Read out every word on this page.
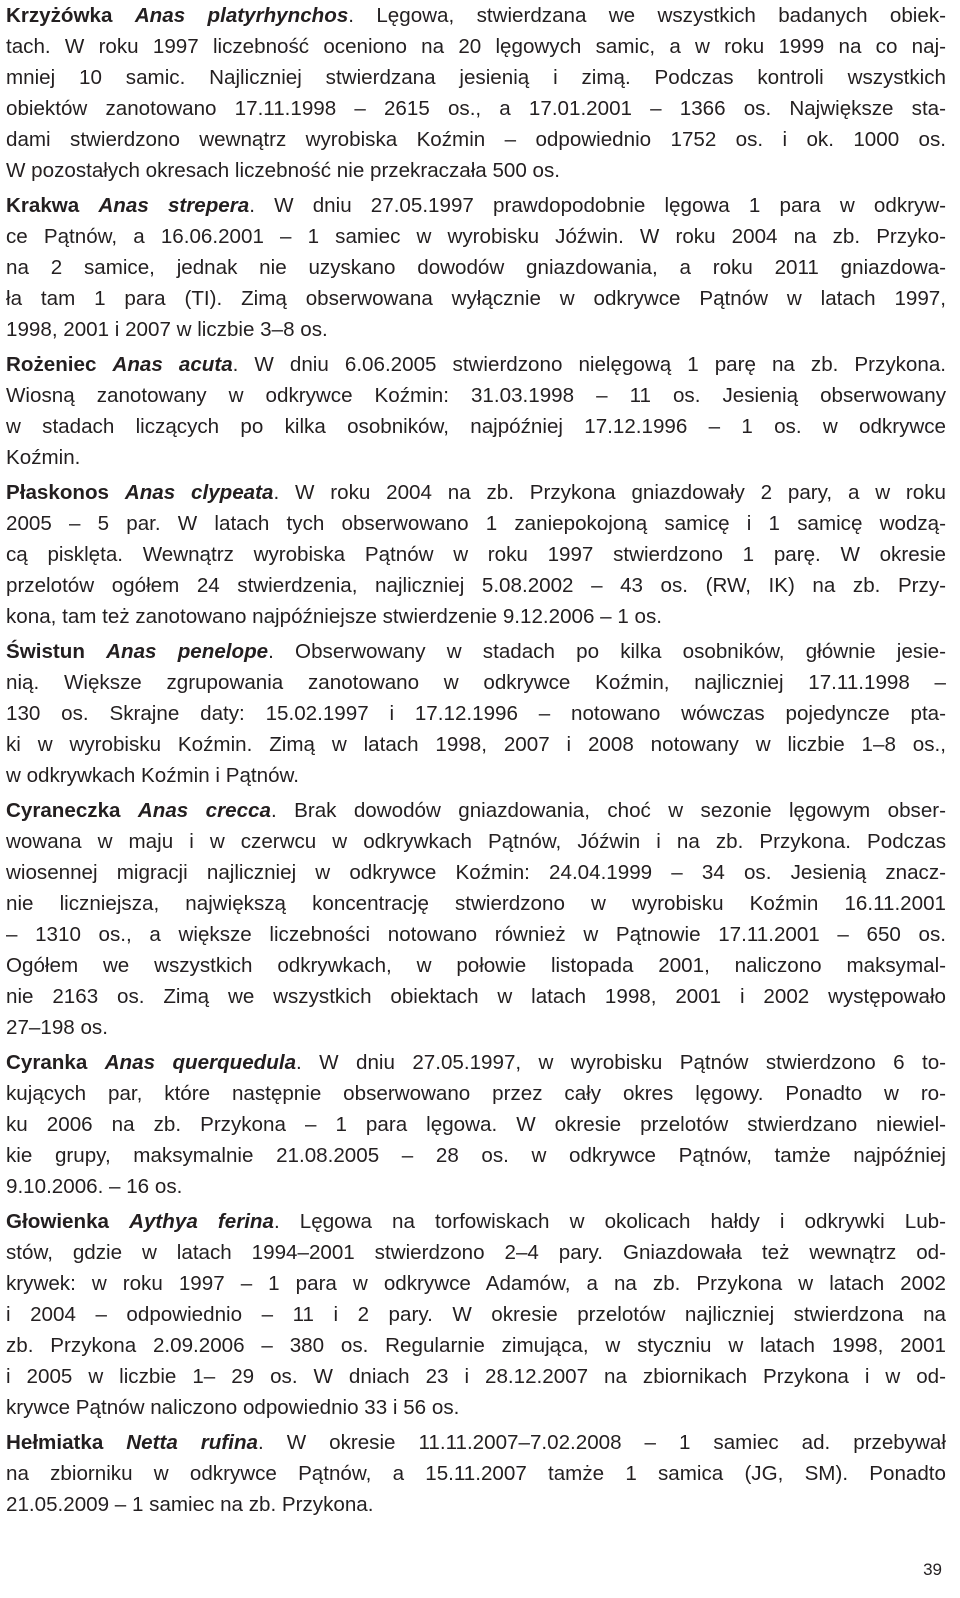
Krzyżówka Anas platyrhynchos. Lęgowa, stwierdzana we wszystkich badanych obiek-
tach. W roku 1997 liczebność oceniono na 20 lęgowych samic, a w roku 1999 na co naj-
mniej 10 samic. Najliczniej stwierdzana jesienią i zimą. Podczas kontroli wszystkich
obiektów zanotowano 17.11.1998 – 2615 os., a 17.01.2001 – 1366 os. Największe sta-
dami stwierdzono wewnątrz wyrobiska Koźmin – odpowiednio 1752 os. i ok. 1000 os.
W pozostałych okresach liczebność nie przekraczała 500 os.
Krakwa Anas strepera. W dniu 27.05.1997 prawdopodobnie lęgowa 1 para w odkryw-
ce Pątnów, a 16.06.2001 – 1 samiec w wyrobisku Jóźwin. W roku 2004 na zb. Przyko-
na 2 samice, jednak nie uzyskano dowodów gniazdowania, a roku 2011 gniazdowa-
ła tam 1 para (TI). Zimą obserwowana wyłącznie w odkrywce Pątnów w latach 1997,
1998, 2001 i 2007 w liczbie 3–8 os.
Rożeniec Anas acuta. W dniu 6.06.2005 stwierdzono nielęgową 1 parę na zb. Przykona.
Wiosną zanotowany w odkrywce Koźmin: 31.03.1998 – 11 os. Jesienią obserwowany
w stadach liczących po kilka osobników, najpóźniej 17.12.1996 – 1 os. w odkrywce
Koźmin.
Płaskonos Anas clypeata. W roku 2004 na zb. Przykona gniazdowały 2 pary, a w roku
2005 – 5 par. W latach tych obserwowano 1 zaniepokojoną samicę i 1 samicę wodzą-
cą pisklęta. Wewnątrz wyrobiska Pątnów w roku 1997 stwierdzono 1 parę. W okresie
przelotów ogółem 24 stwierdzenia, najliczniej 5.08.2002 – 43 os. (RW, IK) na zb. Przy-
kona, tam też zanotowano najpóźniejsze stwierdzenie 9.12.2006 – 1 os.
Świstun Anas penelope. Obserwowany w stadach po kilka osobników, głównie jesie-
nią. Większe zgrupowania zanotowano w odkrywce Koźmin, najliczniej 17.11.1998 –
130 os. Skrajne daty: 15.02.1997 i 17.12.1996 – notowano wówczas pojedyncze pta-
ki w wyrobisku Koźmin. Zimą w latach 1998, 2007 i 2008 notowany w liczbie 1–8 os.,
w odkrywkach Koźmin i Pątnów.
Cyraneczka Anas crecca. Brak dowodów gniazdowania, choć w sezonie lęgowym obser-
wowana w maju i w czerwcu w odkrywkach Pątnów, Jóźwin i na zb. Przykona. Podczas
wiosennej migracji najliczniej w odkrywce Koźmin: 24.04.1999 – 34 os. Jesienią znacz-
nie liczniejsza, największą koncentrację stwierdzono w wyrobisku Koźmin 16.11.2001
– 1310 os., a większe liczebności notowano również w Pątnowie 17.11.2001 – 650 os.
Ogółem we wszystkich odkrywkach, w połowie listopada 2001, naliczono maksymal-
nie 2163 os. Zimą we wszystkich obiektach w latach 1998, 2001 i 2002 występowało
27–198 os.
Cyranka Anas querquedula. W dniu 27.05.1997, w wyrobisku Pątnów stwierdzono 6 to-
kujących par, które następnie obserwowano przez cały okres lęgowy. Ponadto w ro-
ku 2006 na zb. Przykona – 1 para lęgowa. W okresie przelotów stwierdzano niewiel-
kie grupy, maksymalnie 21.08.2005 – 28 os. w odkrywce Pątnów, tamże najpóźniej
9.10.2006. – 16 os.
Głowienka Aythya ferina. Lęgowa na torfowiskach w okolicach hałdy i odkrywki Lub-
stów, gdzie w latach 1994–2001 stwierdzono 2–4 pary. Gniazdowała też wewnątrz od-
krywek: w roku 1997 – 1 para w odkrywce Adamów, a na zb. Przykona w latach 2002
i 2004 – odpowiednio – 11 i 2 pary. W okresie przelotów najliczniej stwierdzona na
zb. Przykona 2.09.2006 – 380 os. Regularnie zimująca, w styczniu w latach 1998, 2001
i 2005 w liczbie 1– 29 os. W dniach 23 i 28.12.2007 na zbiornikach Przykona i w od-
krywce Pątnów naliczono odpowiednio 33 i 56 os.
Hełmiatka Netta rufina. W okresie 11.11.2007–7.02.2008 – 1 samiec ad. przebywał
na zbiorniku w odkrywce Pątnów, a 15.11.2007 tamże 1 samica (JG, SM). Ponadto
21.05.2009 – 1 samiec na zb. Przykona.
39
